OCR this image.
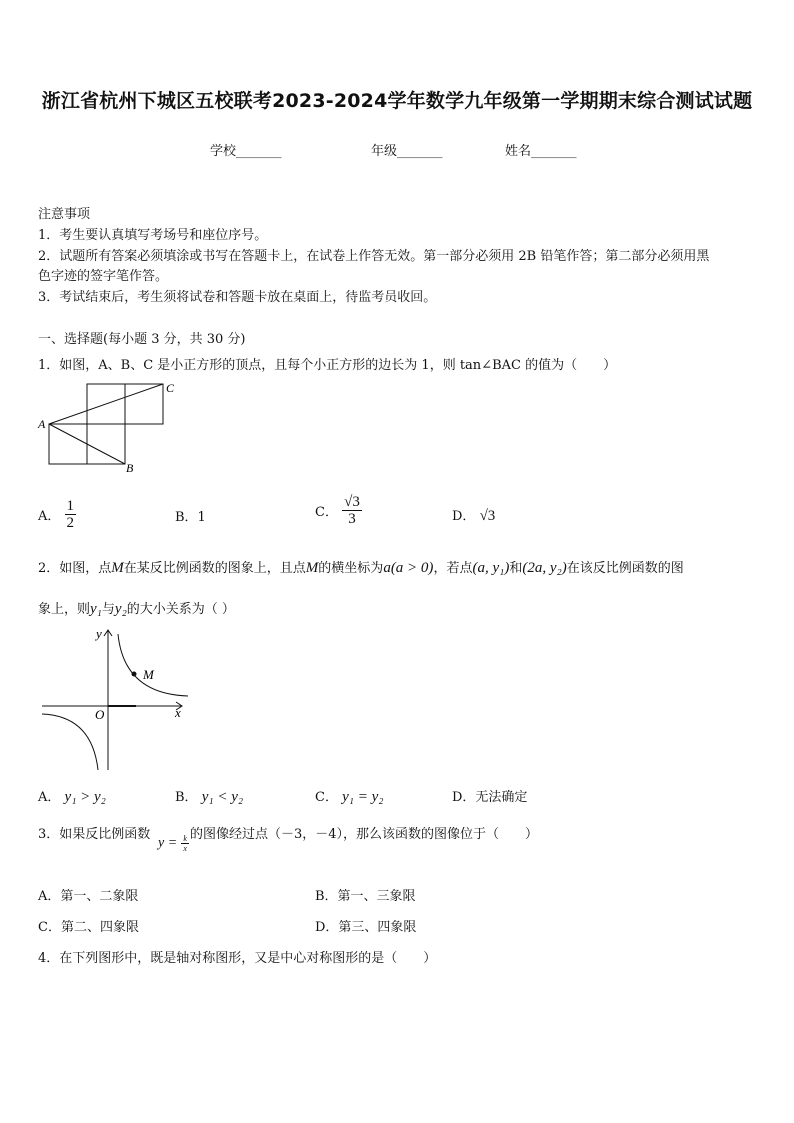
浙江省杭州下城区五校联考2023-2024学年数学九年级第一学期期末综合测试试题
学校_______	年级_______	姓名_______
注意事项
1．考生要认真填写考场号和座位序号。
2．试题所有答案必须填涂或书写在答题卡上，在试卷上作答无效。第一部分必须用 2B 铅笔作答；第二部分必须用黑
色字迹的签字笔作答。
3．考试结束后，考生须将试卷和答题卡放在桌面上，待监考员收回。
一、选择题(每小题 3 分，共 30 分)
1．如图，A、B、C 是小正方形的顶点，且每个小正方形的边长为 1，则 tan∠BAC 的值为（　　）
A
B
C
A． $\frac{1}{2}$	B．1	C． $\frac{√3}{3}$	D． √3
2．如图，点M在某反比例函数的图象上，且点M的横坐标为a(a > 0)，若点(a, y₁)和(2a, y₂)在该反比例函数的图
象上，则y₁与y₂的大小关系为（ ）
M
y
x
O
A． y₁ > y₂	B． y₁ < y₂	C． y₁ = y₂	D．无法确定
3．如果反比例函数
$y = \frac{k}{x}$ 的图像经过点（－3，－4），那么该函数的图像位于（　　）
A．第一、二象限	B．第一、三象限
C．第二、四象限	D．第三、四象限
4．在下列图形中，既是轴对称图形，又是中心对称图形的是（　　）
